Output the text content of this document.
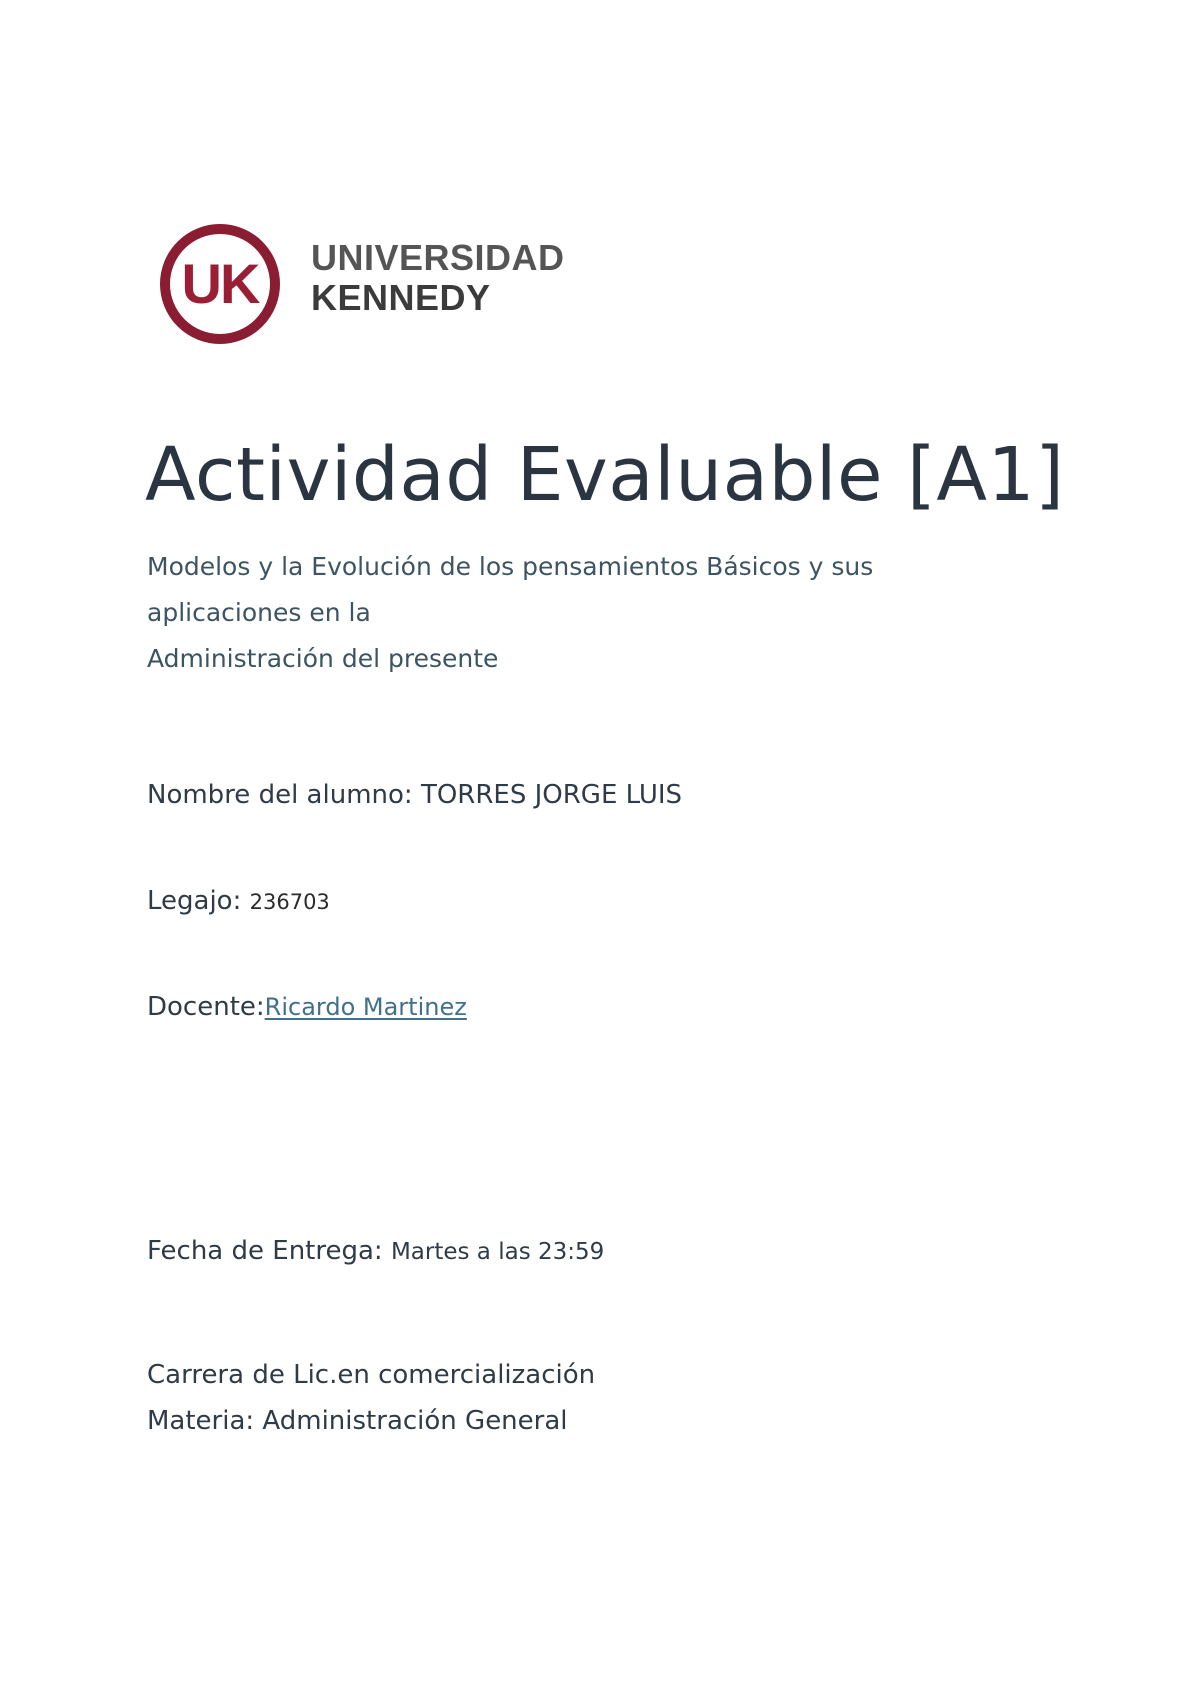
UK UNIVERSIDAD
KENNEDY
Actividad Evaluable [A1]
Modelos y la Evolución de los pensamientos Básicos y sus
aplicaciones en la
Administración del presente
Nombre del alumno: TORRES JORGE LUIS
Legajo: 236703
Docente:Ricardo Martinez
Fecha de Entrega: Martes a las 23:59
Carrera de Lic.en comercialización
Materia: Administración General
